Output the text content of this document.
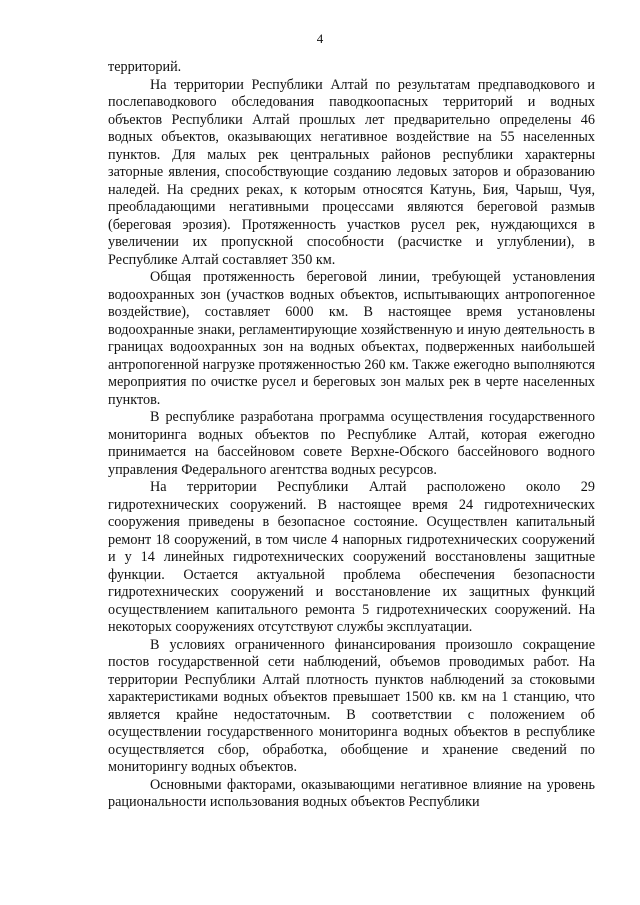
4

территорий.

На территории Республики Алтай по результатам предпаводкового и послепаводкового обследования паводкоопасных территорий и водных объектов Республики Алтай прошлых лет предварительно определены 46 водных объектов, оказывающих негативное воздействие на 55 населенных пунктов. Для малых рек центральных районов республики характерны заторные явления, способствующие созданию ледовых заторов и образованию наледей. На средних реках, к которым относятся Катунь, Бия, Чарыш, Чуя, преобладающими негативными процессами являются береговой размыв (береговая эрозия). Протяженность участков русел рек, нуждающихся в увеличении их пропускной способности (расчистке и углублении), в Республике Алтай составляет 350 км.

Общая протяженность береговой линии, требующей установления водоохранных зон (участков водных объектов, испытывающих антропогенное воздействие), составляет 6000 км. В настоящее время установлены водоохранные знаки, регламентирующие хозяйственную и иную деятельность в границах водоохранных зон на водных объектах, подверженных наибольшей антропогенной нагрузке протяженностью 260 км. Также ежегодно выполняются мероприятия по очистке русел и береговых зон малых рек в черте населенных пунктов.

В республике разработана программа осуществления государственного мониторинга водных объектов по Республике Алтай, которая ежегодно принимается на бассейновом совете Верхне-Обского бассейнового водного управления Федерального агентства водных ресурсов.

На территории Республики Алтай расположено около 29 гидротехнических сооружений. В настоящее время 24 гидротехнических сооружения приведены в безопасное состояние. Осуществлен капитальный ремонт 18 сооружений, в том числе 4 напорных гидротехнических сооружений и у 14 линейных гидротехнических сооружений восстановлены защитные функции. Остается актуальной проблема обеспечения безопасности гидротехнических сооружений и восстановление их защитных функций осуществлением капитального ремонта 5 гидротехнических сооружений. На некоторых сооружениях отсутствуют службы эксплуатации.

В условиях ограниченного финансирования произошло сокращение постов государственной сети наблюдений, объемов проводимых работ. На территории Республики Алтай плотность пунктов наблюдений за стоковыми характеристиками водных объектов превышает 1500 кв. км на 1 станцию, что является крайне недостаточным. В соответствии с положением об осуществлении государственного мониторинга водных объектов в республике осуществляется сбор, обработка, обобщение и хранение сведений по мониторингу водных объектов.

Основными факторами, оказывающими негативное влияние на уровень рациональности использования водных объектов Республики
